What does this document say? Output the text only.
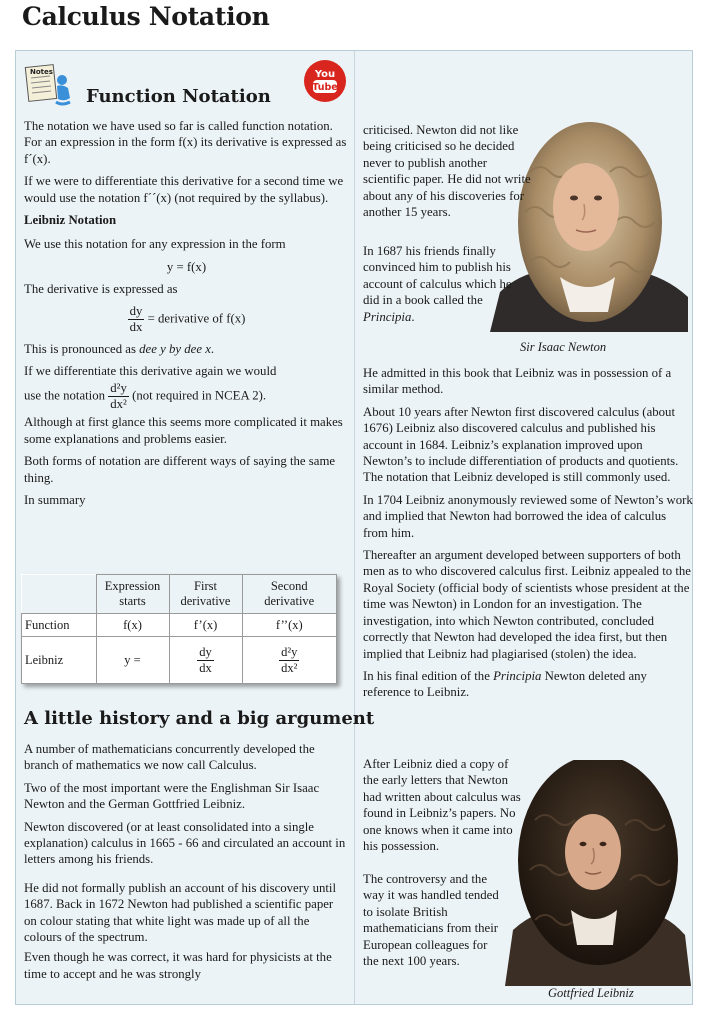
Calculus Notation
Notes	You
Tube
Function Notation

The notation we have used so far is called function notation. For an expression in the form f(x) its derivative is expressed as f´(x).

If we were to differentiate this derivative for a second time we would use the notation f´´(x) (not required by the syllabus).

Leibniz Notation

We use this notation for any expression in the form

y = f(x)

The derivative is expressed as

$\frac{dy}{dx}$ = derivative of f(x)

This is pronounced as dee y by dee x.

If we differentiate this derivative again we would

use the notation $\frac{\text{d²y}}{\text{dx²}} (not$ required in NCEA 2).

Although at first glance this seems more complicated it makes some explanations and problems easier.

Both forms of notation are different ways of saying the same thing.

In summary

	Expression starts	First derivative	Second derivative
Function	f(x)	f’(x)	f’’(x)
Leibniz	y =	$\frac{dy}{dx}$	$\frac{\text{d²y}}{\text{dx²}}$
A little history and a big argument

A number of mathematicians concurrently developed the branch of mathematics we now call Calculus.

Two of the most important were the Englishman Sir Isaac Newton and the German Gottfried Leibniz.

Newton discovered (or at least consolidated into a single explanation) calculus in 1665 - 66 and circulated an account in letters among his friends.

He did not formally publish an account of his discovery until 1687. Back in 1672 Newton had published a scientific paper on colour stating that white light was made up of all the colours of the spectrum.

Even though he was correct, it was hard for physicists at the time to accept and he was strongly

Sir Isaac Newton
criticised. Newton did not like being criticised so he decided never to publish another scientific paper. He did not write about any of his discoveries for another 15 years.
In 1687 his friends finally convinced him to publish his account of calculus which he did in a book called the Principia.

He admitted in this book that Leibniz was in possession of a similar method.

About 10 years after Newton first discovered calculus (about 1676) Leibniz also discovered calculus and published his account in 1684. Leibniz’s explanation improved upon Newton’s to include differentiation of products and quotients. The notation that Leibniz developed is still commonly used.

In 1704 Leibniz anonymously reviewed some of Newton’s work and implied that Newton had borrowed the idea of calculus from him.

Thereafter an argument developed between supporters of both men as to who discovered calculus first. Leibniz appealed to the Royal Society (official body of scientists whose president at the time was Newton) in London for an investigation. The investigation, into which Newton contributed, concluded correctly that Newton had developed the idea first, but then implied that Leibniz had plagiarised (stolen) the idea.

In his final edition of the Principia Newton deleted any reference to Leibniz.

After Leibniz died a copy of the early letters that Newton had written about calculus was found in Leibniz’s papers. No one knows when it came into his possession.
The controversy and the way it was handled tended to isolate British mathematicians from their European colleagues for the next 100 years.
Gottfried Leibniz
